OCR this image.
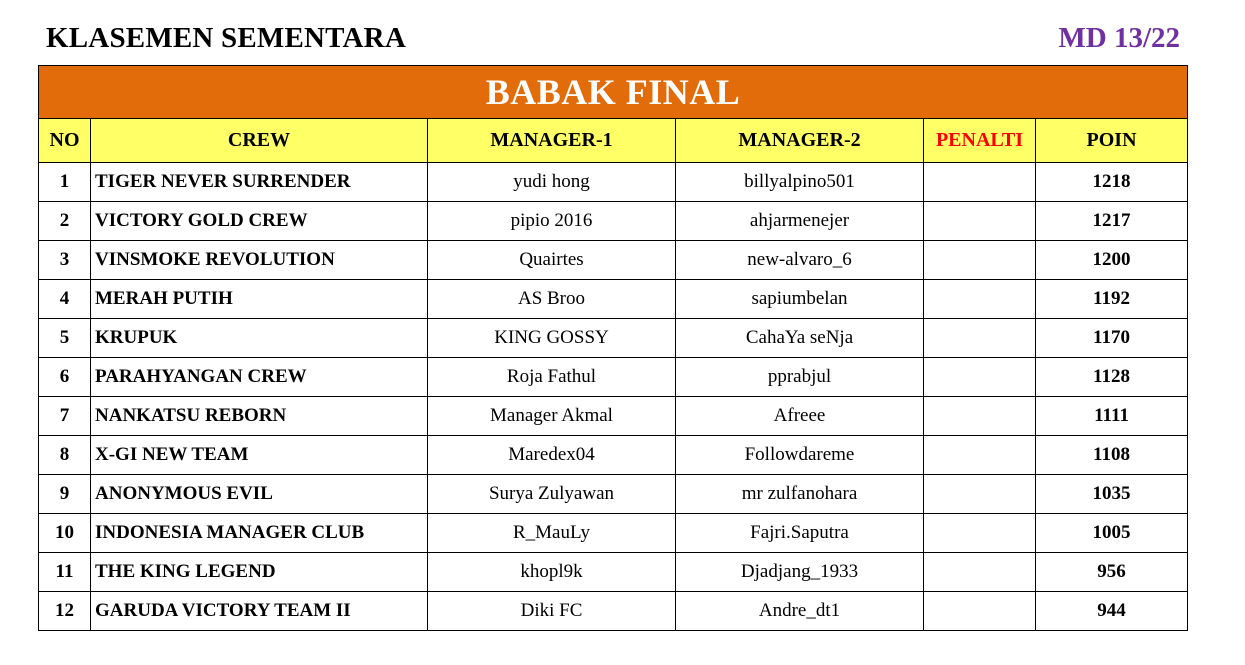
KLASEMEN SEMENTARA	MD 13/22
BABAK FINAL					
NO	CREW	MANAGER-1	MANAGER-2	PENALTI	POIN
1	TIGER NEVER SURRENDER	yudi hong	billyalpino501		1218
2	VICTORY GOLD CREW	pipio 2016	ahjarmenejer		1217
3	VINSMOKE REVOLUTION	Quairtes	new-alvaro_6		1200
4	MERAH PUTIH	AS Broo	sapiumbelan		1192
5	KRUPUK	KING GOSSY	CahaYa seNja		1170
6	PARAHYANGAN CREW	Roja Fathul	pprabjul		1128
7	NANKATSU REBORN	Manager Akmal	Afreee		1111
8	X-GI NEW TEAM	Maredex04	Followdareme		1108
9	ANONYMOUS EVIL	Surya Zulyawan	mr zulfanohara		1035
10	INDONESIA MANAGER CLUB	R_MauLy	Fajri.Saputra		1005
11	THE KING LEGEND	khopl9k	Djadjang_1933		956
12	GARUDA VICTORY TEAM II	Diki FC	Andre_dt1		944
